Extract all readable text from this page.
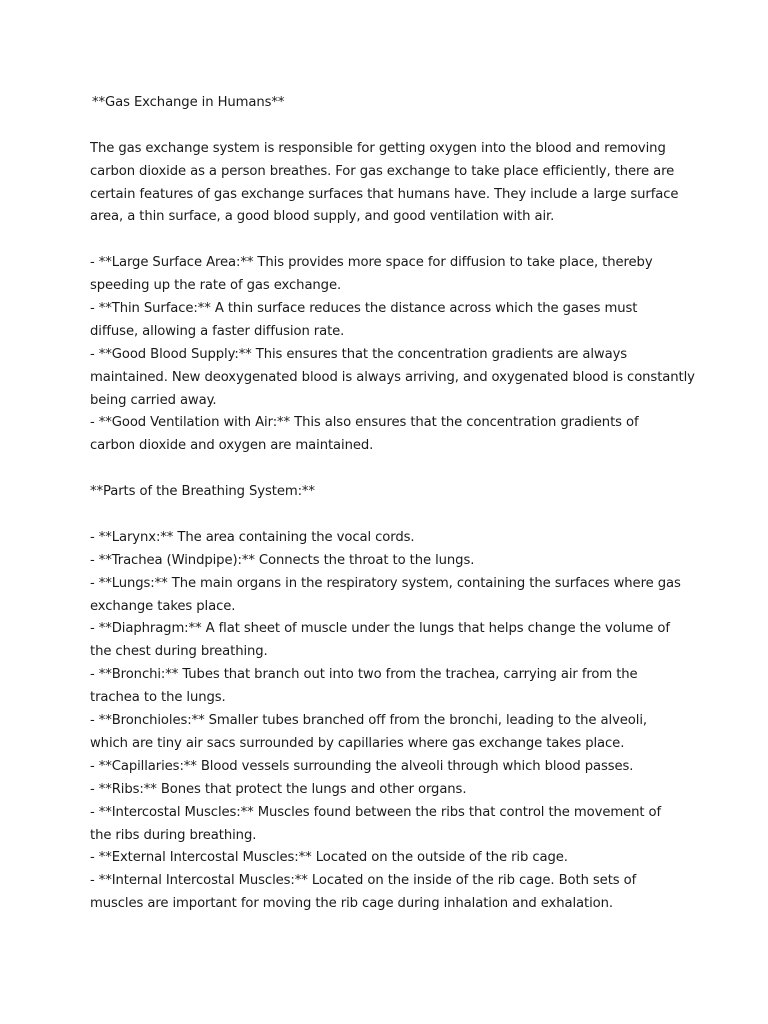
**Gas Exchange in Humans**
The gas exchange system is responsible for getting oxygen into the blood and removing
carbon dioxide as a person breathes. For gas exchange to take place efficiently, there are
certain features of gas exchange surfaces that humans have. They include a large surface
area, a thin surface, a good blood supply, and good ventilation with air.
- **Large Surface Area:** This provides more space for diffusion to take place, thereby
speeding up the rate of gas exchange.
- **Thin Surface:** A thin surface reduces the distance across which the gases must
diffuse, allowing a faster diffusion rate.
- **Good Blood Supply:** This ensures that the concentration gradients are always
maintained. New deoxygenated blood is always arriving, and oxygenated blood is constantly
being carried away.
- **Good Ventilation with Air:** This also ensures that the concentration gradients of
carbon dioxide and oxygen are maintained.
**Parts of the Breathing System:**
- **Larynx:** The area containing the vocal cords.
- **Trachea (Windpipe):** Connects the throat to the lungs.
- **Lungs:** The main organs in the respiratory system, containing the surfaces where gas
exchange takes place.
- **Diaphragm:** A flat sheet of muscle under the lungs that helps change the volume of
the chest during breathing.
- **Bronchi:** Tubes that branch out into two from the trachea, carrying air from the
trachea to the lungs.
- **Bronchioles:** Smaller tubes branched off from the bronchi, leading to the alveoli,
which are tiny air sacs surrounded by capillaries where gas exchange takes place.
- **Capillaries:** Blood vessels surrounding the alveoli through which blood passes.
- **Ribs:** Bones that protect the lungs and other organs.
- **Intercostal Muscles:** Muscles found between the ribs that control the movement of
the ribs during breathing.
- **External Intercostal Muscles:** Located on the outside of the rib cage.
- **Internal Intercostal Muscles:** Located on the inside of the rib cage. Both sets of
muscles are important for moving the rib cage during inhalation and exhalation.
